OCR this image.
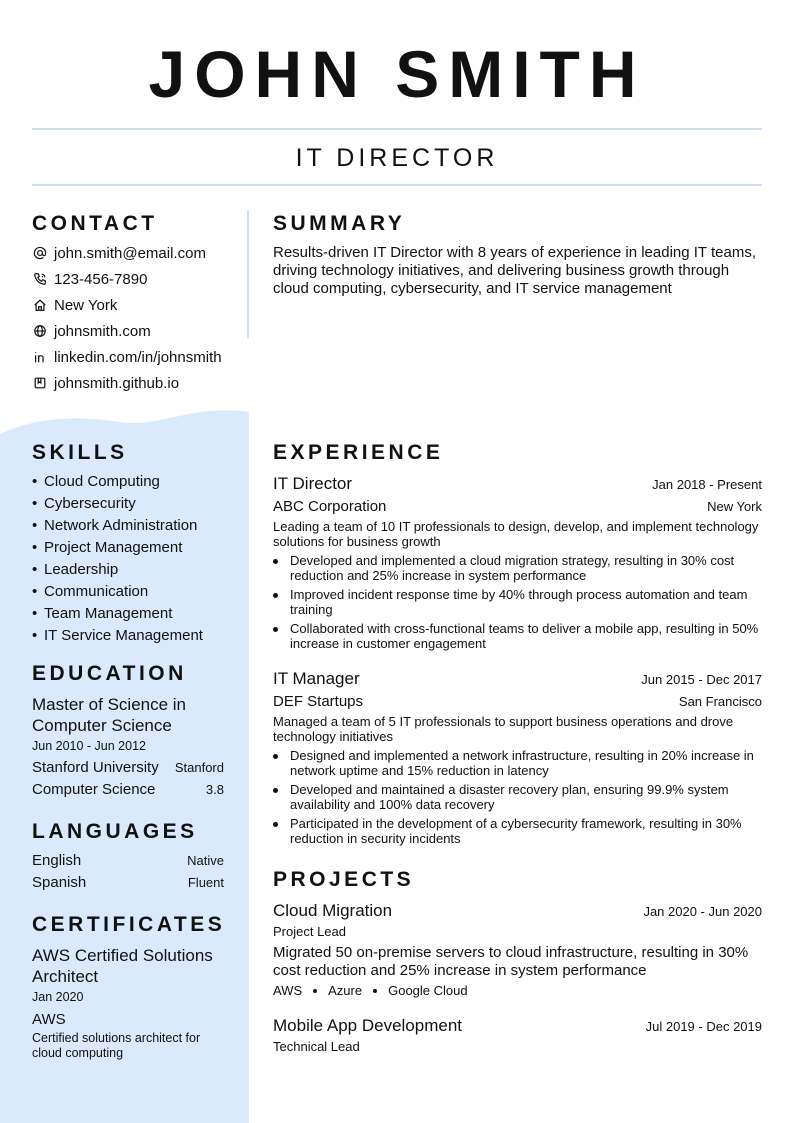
JOHN SMITH
IT DIRECTOR
CONTACT
john.smith@email.com
123-456-7890
New York
johnsmith.com
linkedin.com/in/johnsmith
johnsmith.github.io
SUMMARY
Results-driven IT Director with 8 years of experience in leading IT teams, driving technology initiatives, and delivering business growth through cloud computing, cybersecurity, and IT service management
SKILLS
• Cloud Computing
• Cybersecurity
• Network Administration
• Project Management
• Leadership
• Communication
• Team Management
• IT Service Management
EDUCATION
Master of Science in
Computer Science
Jun 2010 - Jun 2012
Stanford University Stanford
Computer Science	3.8
LANGUAGES
English	Native
Spanish	Fluent
CERTIFICATES
AWS Certified Solutions
Architect
Jan 2020
AWS
Certified solutions architect for
cloud computing
EXPERIENCE
IT Director	Jan 2018 - Present
ABC Corporation	New York
Leading a team of 10 IT professionals to design, develop, and implement technology solutions for business growth
Developed and implemented a cloud migration strategy, resulting in 30% cost reduction and 25% increase in system performance
Improved incident response time by 40% through process automation and team training
Collaborated with cross-functional teams to deliver a mobile app, resulting in 50% increase in customer engagement
IT Manager	Jun 2015 - Dec 2017
DEF Startups	San Francisco
Managed a team of 5 IT professionals to support business operations and drove technology initiatives
Designed and implemented a network infrastructure, resulting in 20% increase in network uptime and 15% reduction in latency
Developed and maintained a disaster recovery plan, ensuring 99.9% system availability and 100% data recovery
Participated in the development of a cybersecurity framework, resulting in 30% reduction in security incidents
PROJECTS
Cloud Migration	Jan 2020 - Jun 2020
Project Lead
Migrated 50 on-premise servers to cloud infrastructure, resulting in 30% cost reduction and 25% increase in system performance
AWS Azure Google Cloud
Mobile App Development	Jul 2019 - Dec 2019
Technical Lead
